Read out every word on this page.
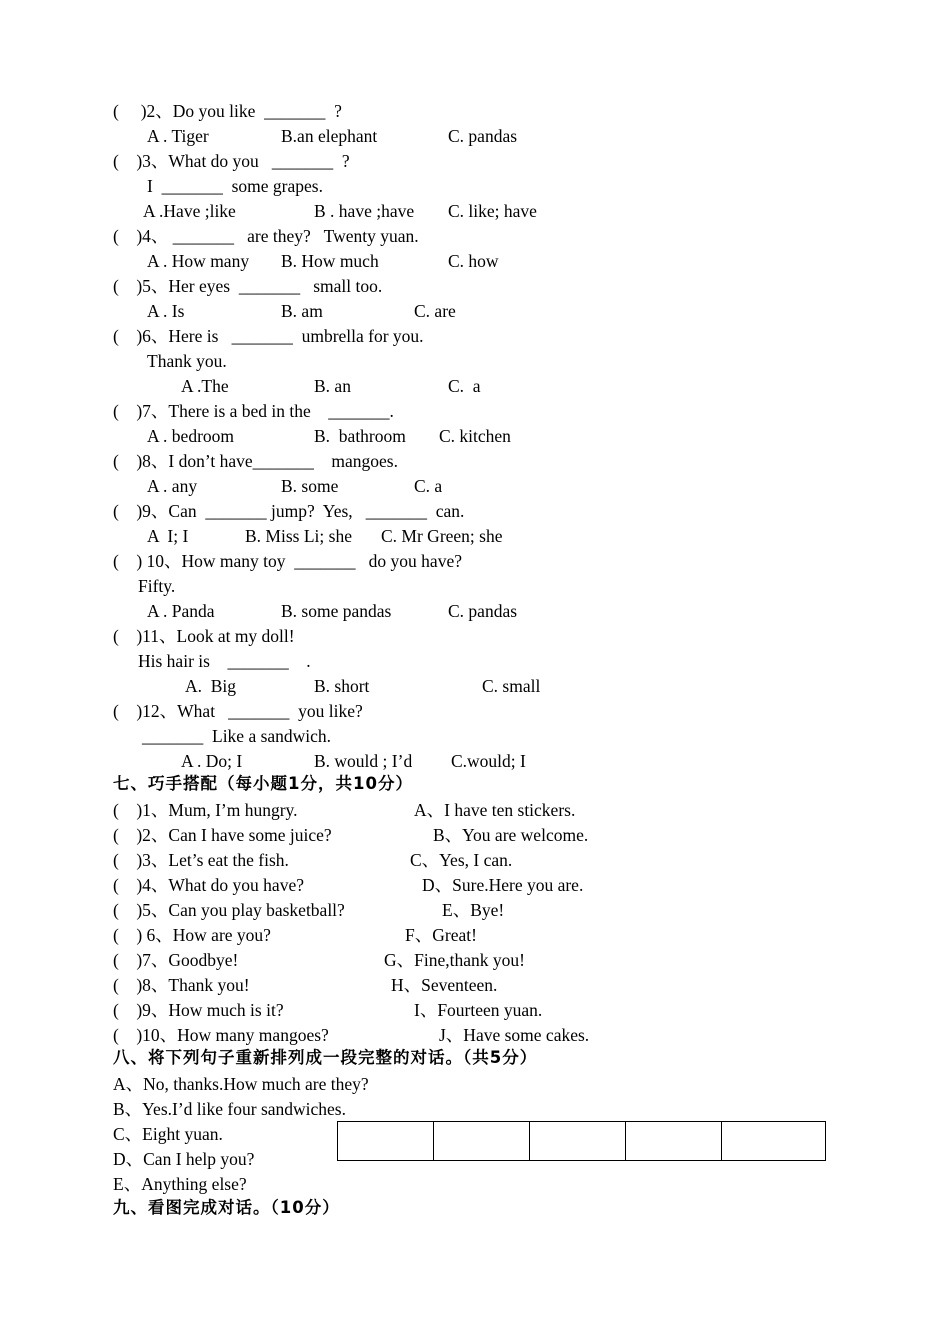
(     )2、Do you like  _______  ?
A . Tiger	B.an elephant	C. pandas
(    )3、What do you   _______  ?
I  _______  some grapes.
A .Have ;like	B . have ;have C. like; have
(    )4、 _______   are they?   Twenty yuan.
A . How many B. How much	C. how
(    )5、Her eyes  _______   small too.
A . Is	B. am	C. are
(    )6、Here is   _______  umbrella for you.
Thank you.
A .The	B. an	C.  a
(    )7、There is a bed in the    _______.
A . bedroom	B.  bathroom C. kitchen
(    )8、I don’t have_______    mangoes.
A . any	B. some	C. a
(    )9、Can  _______ jump?  Yes,   _______  can.
A  I; I	B. Miss Li; she C. Mr Green; she
(    ) 10、How many toy  _______   do you have?
Fifty.
A . Panda	B. some pandas	C. pandas
(    )11、Look at my doll!
His hair is    _______    .
A.  Big	B. short	C. small
(    )12、What   _______  you like?
_______  Like a sandwich.
A . Do; I	B. would ; I’d C.would; I
七、巧手搭配（每小题1分，共10分）
(    )1、Mum, I’m hungry.	A、I have ten stickers.
(    )2、Can I have some juice?	B、You are welcome.
(    )3、Let’s eat the fish.	C、Yes, I can.
(    )4、What do you have?	D、Sure.Here you are.
(    )5、Can you play basketball?	E、Bye!
(    ) 6、How are you?	F、Great!
(    )7、Goodbye!	G、Fine,thank you!
(    )8、Thank you!	H、Seventeen.
(    )9、How much is it?	I、Fourteen yuan.
(    )10、How many mangoes?	J、Have some cakes.
八、将下列句子重新排列成一段完整的对话。（共5分）
A、No, thanks.How much are they?
B、Yes.I’d like four sandwiches.
C、Eight yuan.
D、Can I help you?
E、Anything else?
九、看图完成对话。（10分）
